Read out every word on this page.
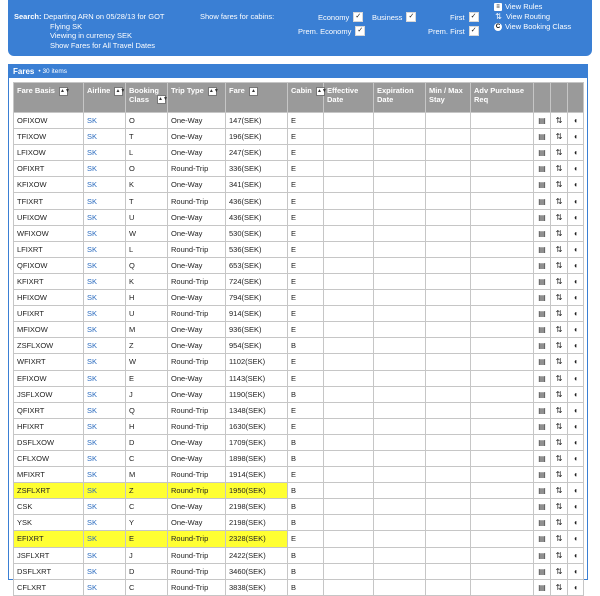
Search: Departing ARN on 05/28/13 for GOT
Flying SK
Viewing in currency SEK
Show Fares for All Travel Dates
Show fares for cabins:	Economy ✓ Business ✓	First ✓
Prem. Economy ✓	Prem. First ✓
≡ View Rules
⇅ View Routing
C View Booking Class
Fares • 30 items
Fare Basis ▲▼	Airline ▲▼	Booking Class ▲▼	Trip Type ▲▼	Fare ▲	Cabin ▲▼	Effective Date	Expiration Date	Min / Max Stay	Adv Purchase Req			

OFIXOW	SK	O	One-Way	147(SEK)	E					▤	⇅	◖
TFIXOW	SK	T	One-Way	196(SEK)	E					▤	⇅	◖
LFIXOW	SK	L	One-Way	247(SEK)	E					▤	⇅	◖
OFIXRT	SK	O	Round-Trip	336(SEK)	E					▤	⇅	◖
KFIXOW	SK	K	One-Way	341(SEK)	E					▤	⇅	◖
TFIXRT	SK	T	Round-Trip	436(SEK)	E					▤	⇅	◖
UFIXOW	SK	U	One-Way	436(SEK)	E					▤	⇅	◖
WFIXOW	SK	W	One-Way	530(SEK)	E					▤	⇅	◖
LFIXRT	SK	L	Round-Trip	536(SEK)	E					▤	⇅	◖
QFIXOW	SK	Q	One-Way	653(SEK)	E					▤	⇅	◖
KFIXRT	SK	K	Round-Trip	724(SEK)	E					▤	⇅	◖
HFIXOW	SK	H	One-Way	794(SEK)	E					▤	⇅	◖
UFIXRT	SK	U	Round-Trip	914(SEK)	E					▤	⇅	◖
MFIXOW	SK	M	One-Way	936(SEK)	E					▤	⇅	◖
ZSFLXOW	SK	Z	One-Way	954(SEK)	B					▤	⇅	◖
WFIXRT	SK	W	Round-Trip	1102(SEK)	E					▤	⇅	◖
EFIXOW	SK	E	One-Way	1143(SEK)	E					▤	⇅	◖
JSFLXOW	SK	J	One-Way	1190(SEK)	B					▤	⇅	◖
QFIXRT	SK	Q	Round-Trip	1348(SEK)	E					▤	⇅	◖
HFIXRT	SK	H	Round-Trip	1630(SEK)	E					▤	⇅	◖
DSFLXOW	SK	D	One-Way	1709(SEK)	B					▤	⇅	◖
CFLXOW	SK	C	One-Way	1898(SEK)	B					▤	⇅	◖
MFIXRT	SK	M	Round-Trip	1914(SEK)	E					▤	⇅	◖
ZSFLXRT	SK	Z	Round-Trip	1950(SEK)	B					▤	⇅	◖
CSK	SK	C	One-Way	2198(SEK)	B					▤	⇅	◖
YSK	SK	Y	One-Way	2198(SEK)	B					▤	⇅	◖
EFIXRT	SK	E	Round-Trip	2328(SEK)	E					▤	⇅	◖
JSFLXRT	SK	J	Round-Trip	2422(SEK)	B					▤	⇅	◖
DSFLXRT	SK	D	Round-Trip	3460(SEK)	B					▤	⇅	◖
CFLXRT	SK	C	Round-Trip	3838(SEK)	B					▤	⇅	◖
